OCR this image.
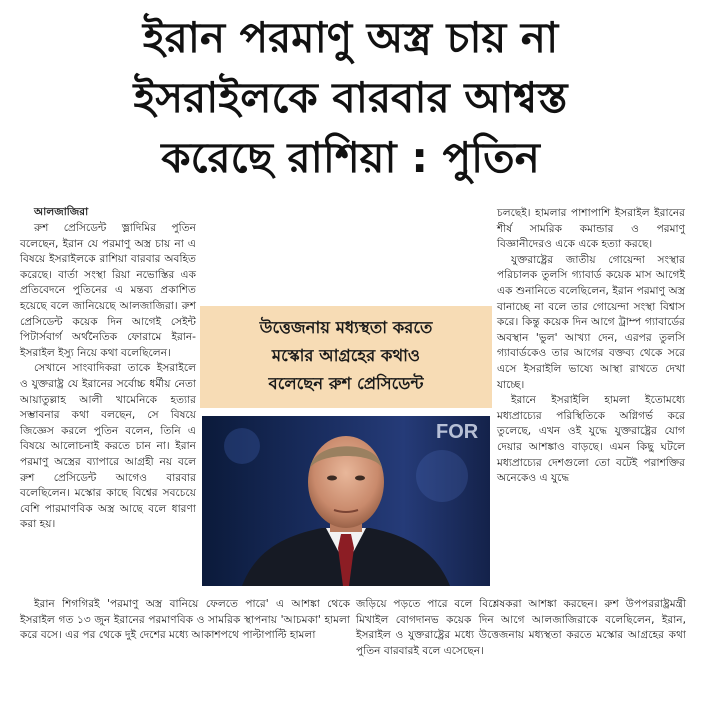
ইরান পরমাণু অস্ত্র চায় না
ইসরাইলকে বারবার আশ্বস্ত
করেছে রাশিয়া : পুতিন

আলজাজিরা

রুশ প্রেসিডেন্ট ভ্লাদিমির পুতিন বলেছেন, ইরান যে পরমাণু অস্ত্র চায় না এ বিষয়ে ইসরাইলকে রাশিয়া বারবার অবহিত করেছে। বার্তা সংস্থা রিয়া নভোস্তির এক প্রতিবেদনে পুতিনের এ মন্তব্য প্রকাশিত হয়েছে বলে জানিয়েছে আলজাজিরা। রুশ প্রেসিডেন্ট কয়েক দিন আগেই সেইন্ট পিটার্সবার্গ অর্থনৈতিক ফোরামে ইরান-ইসরাইল ইস্যু নিয়ে কথা বলেছিলেন।

সেখানে সাংবাদিকরা তাকে ইসরাইলে ও যুক্তরাষ্ট্র যে ইরানের সর্বোচ্চ ধর্মীয় নেতা আয়াতুল্লাহ আলী খামেনিকে হত্যার সম্ভাবনার কথা বলছেন, সে বিষয়ে জিজ্ঞেস করলে পুতিন বলেন, তিনি এ বিষয়ে আলোচনাই করতে চান না। ইরান পরমাণু অস্ত্রের ব্যাপারে আগ্রহী নয় বলে রুশ প্রেসিডেন্ট আগেও বারবার বলেছিলেন। মস্কোর কাছে বিশ্বের সবচেয়ে বেশি পারমাণবিক অস্ত্র আছে বলে ধারণা করা হয়।

ইরান শিগগিরই 'পরমাণু অস্ত্র বানিয়ে ফেলতে পারে' এ আশঙ্কা থেকে ইসরাইল গত ১৩ জুন ইরানের পরমাণবিক ও সামরিক স্থাপনায় 'আচমকা' হামলা করে বসে। এর পর থেকে দুই দেশের মধ্যে আকাশপথে পাল্টাপাল্টি হামলা

চলছেই। হামলার পাশাপাশি ইসরাইল ইরানের শীর্ষ সামরিক কমান্ডার ও পরমাণু বিজ্ঞানীদেরও একে একে হত্যা করছে।

যুক্তরাষ্ট্রের জাতীয় গোয়েন্দা সংস্থার পরিচালক তুলসি গ্যাবার্ড কয়েক মাস আগেই এক শুনানিতে বলেছিলেন, ইরান পরমাণু অস্ত্র বানাচ্ছে না বলে তার গোয়েন্দা সংস্থা বিশ্বাস করে। কিন্তু কয়েক দিন আগে ট্রাম্প গ্যাবার্ডের অবস্থান 'ভুল' আখ্যা দেন, এরপর তুলসি গ্যাবার্ডকেও তার আগের বক্তব্য থেকে সরে এসে ইসরাইলি ভাষ্যে আস্থা রাখতে দেখা যাচ্ছে।

ইরানে ইসরাইলি হামলা ইতোমধ্যে মধ্যপ্রাচ্যের পরিস্থিতিকে অগ্নিগর্ভ করে তুলেছে, এখন ওই যুদ্ধে যুক্তরাষ্ট্রের যোগ দেয়ার আশঙ্কাও বাড়ছে। এমন কিছু ঘটলে মধ্যপ্রাচ্যের দেশগুলো তো বটেই পরাশক্তির অনেকেও এ যুদ্ধে

জড়িয়ে পড়তে পারে বলে বিশ্লেষকরা আশঙ্কা করছেন। রুশ উপপররাষ্ট্রমন্ত্রী মিখাইল বোগদানভ কয়েক দিন আগে আলজাজিরাকে বলেছিলেন, ইরান, ইসরাইল ও যুক্তরাষ্ট্রের মধ্যে উত্তেজনায় মধ্যস্থতা করতে মস্কোর আগ্রহের কথা পুতিন বারবারই বলে এসেছেন।

উত্তেজনায় মধ্যস্থতা করতে
মস্কোর আগ্রহের কথাও
বলেছেন রুশ প্রেসিডেন্ট
FOR
